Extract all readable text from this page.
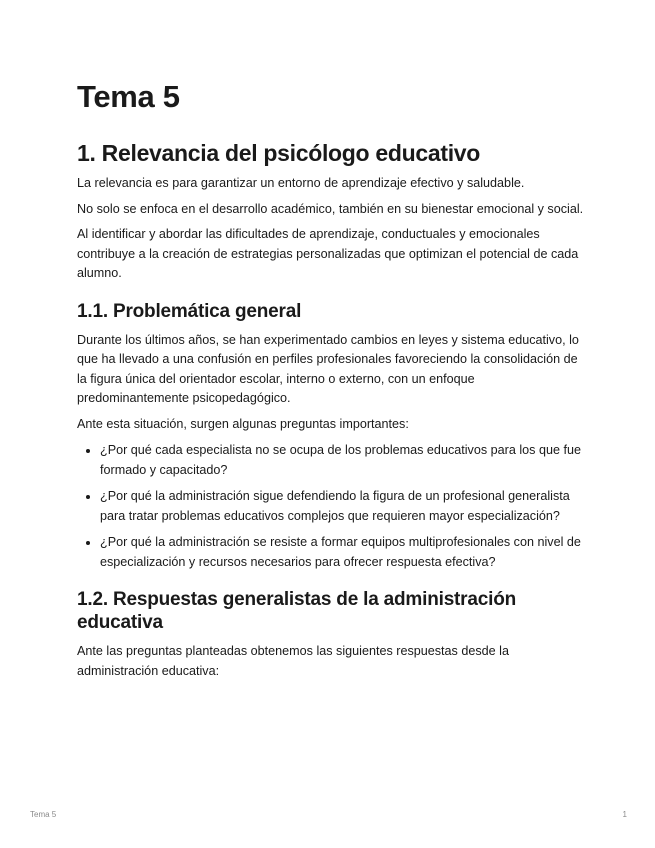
Tema 5
1. Relevancia del psicólogo educativo

La relevancia es para garantizar un entorno de aprendizaje efectivo y saludable.

No solo se enfoca en el desarrollo académico, también en su bienestar emocional y social.

Al identificar y abordar las dificultades de aprendizaje, conductuales y emocionales contribuye a la creación de estrategias personalizadas que optimizan el potencial de cada alumno.

1.1. Problemática general

Durante los últimos años, se han experimentado cambios en leyes y sistema educativo, lo que ha llevado a una confusión en perfiles profesionales favoreciendo la consolidación de la figura única del orientador escolar, interno o externo, con un enfoque predominantemente psicopedagógico.

Ante esta situación, surgen algunas preguntas importantes:

• ¿Por qué cada especialista no se ocupa de los problemas educativos para los que fue formado y capacitado?
• ¿Por qué la administración sigue defendiendo la figura de un profesional generalista para tratar problemas educativos complejos que requieren mayor especialización?
• ¿Por qué la administración se resiste a formar equipos multiprofesionales con nivel de especialización y recursos necesarios para ofrecer respuesta efectiva?
1.2. Respuestas generalistas de la administración educativa

Ante las preguntas planteadas obtenemos las siguientes respuestas desde la administración educativa:

Tema 5	1
